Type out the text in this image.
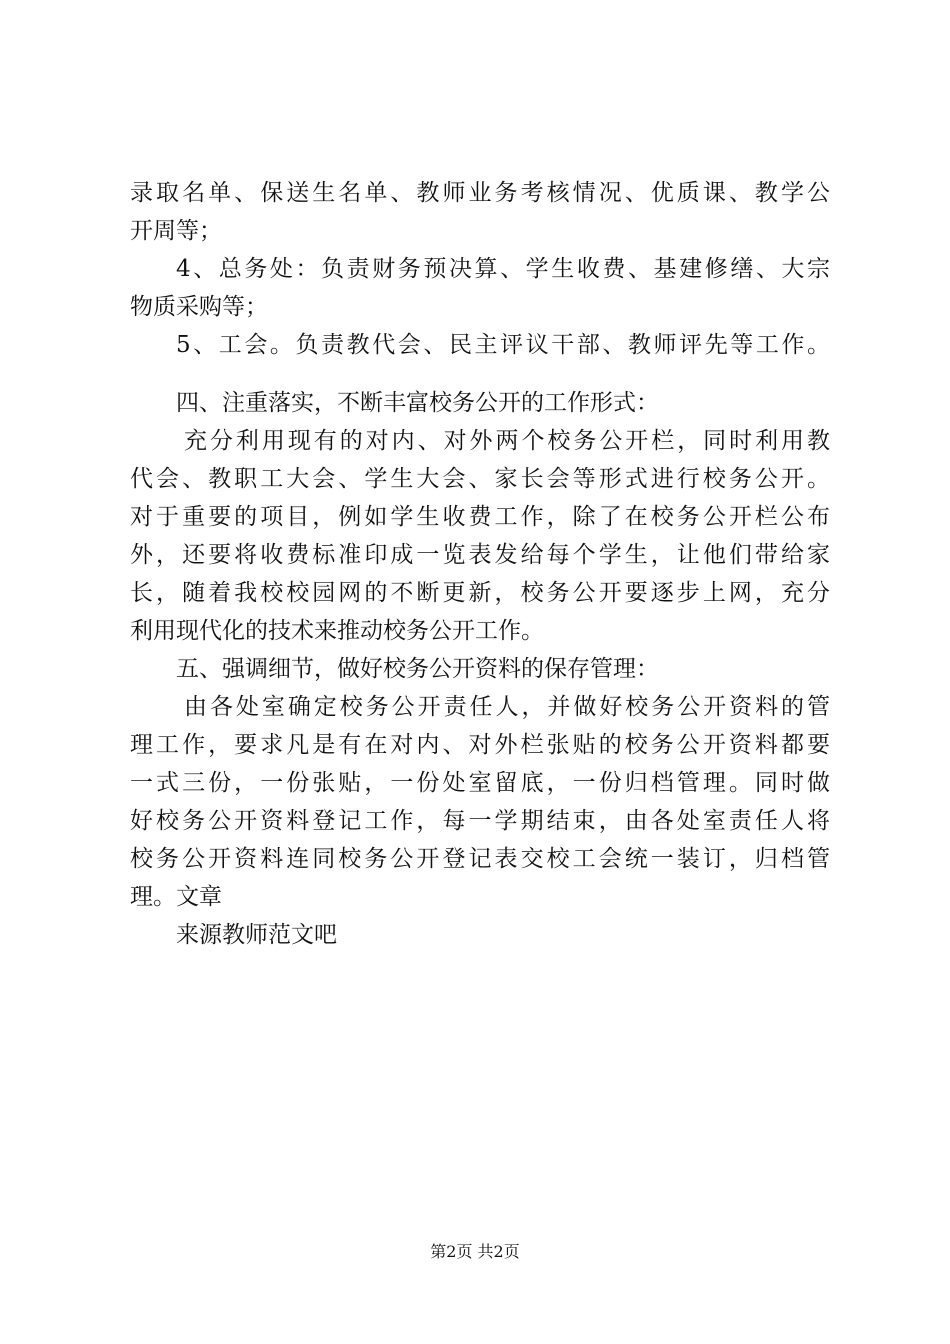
录取名单、保送生名单、教师业务考核情况、优质课、教学公
开周等；
4、总务处：负责财务预决算、学生收费、基建修缮、大宗
物质采购等；
5、工会。负责教代会、民主评议干部、教师评先等工作。
四、注重落实，不断丰富校务公开的工作形式：
充分利用现有的对内、对外两个校务公开栏，同时利用教
代会、教职工大会、学生大会、家长会等形式进行校务公开。
对于重要的项目，例如学生收费工作，除了在校务公开栏公布
外，还要将收费标准印成一览表发给每个学生，让他们带给家
长，随着我校校园网的不断更新，校务公开要逐步上网，充分
利用现代化的技术来推动校务公开工作。
五、强调细节，做好校务公开资料的保存管理：
由各处室确定校务公开责任人，并做好校务公开资料的管
理工作，要求凡是有在对内、对外栏张贴的校务公开资料都要
一式三份，一份张贴，一份处室留底，一份归档管理。同时做
好校务公开资料登记工作，每一学期结束，由各处室责任人将
校务公开资料连同校务公开登记表交校工会统一装订，归档管
理。文章
来源教师范文吧
第2页 共2页
